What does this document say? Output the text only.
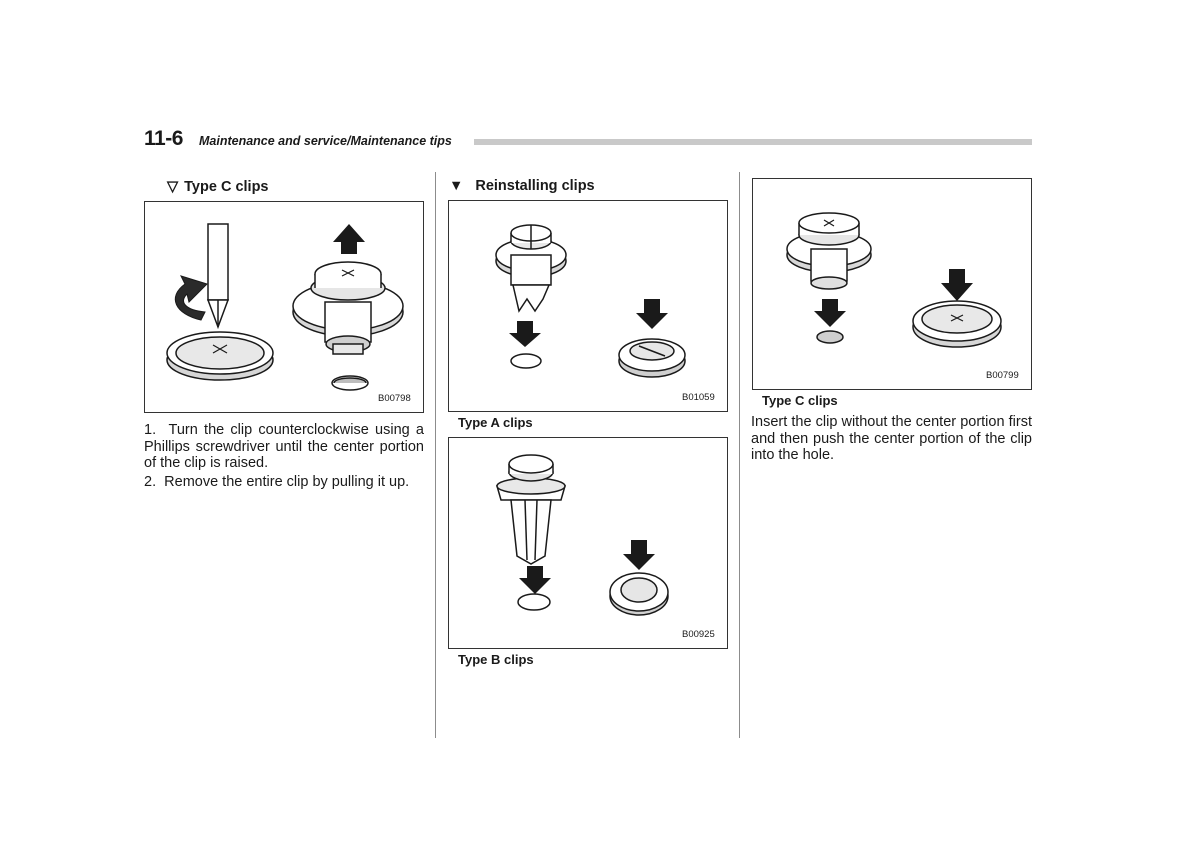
11-6 Maintenance and service/Maintenance tips
▽ Type C clips
B00798
1. Turn the clip counterclockwise using a Phillips screwdriver until the center portion of the clip is raised.
2. Remove the entire clip by pulling it up.
▼ Reinstalling clips
B01059
Type A clips
B00925
Type B clips
B00799
Type C clips
Insert the clip without the center portion first and then push the center portion of the clip into the hole.
